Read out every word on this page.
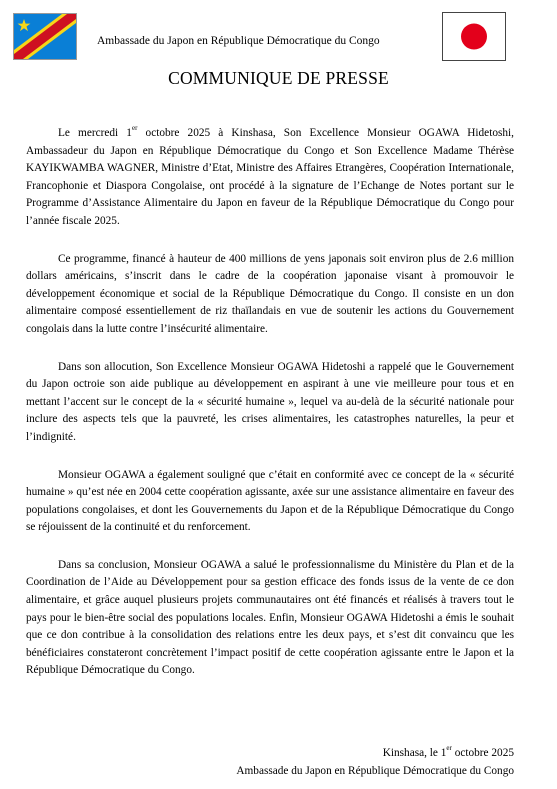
Ambassade du Japon en République Démocratique du Congo
COMMUNIQUE DE PRESSE

Le mercredi 1er octobre 2025 à Kinshasa, Son Excellence Monsieur OGAWA Hidetoshi, Ambassadeur du Japon en République Démocratique du Congo et Son Excellence Madame Thérèse KAYIKWAMBA WAGNER, Ministre d’Etat, Ministre des Affaires Etrangères, Coopération Internationale, Francophonie et Diaspora Congolaise, ont procédé à la signature de l’Echange de Notes portant sur le Programme d’Assistance Alimentaire du Japon en faveur de la République Démocratique du Congo pour l’année fiscale 2025.

Ce programme, financé à hauteur de 400 millions de yens japonais soit environ plus de 2.6 million dollars américains, s’inscrit dans le cadre de la coopération japonaise visant à promouvoir le développement économique et social de la République Démocratique du Congo. Il consiste en un don alimentaire composé essentiellement de riz thaïlandais en vue de soutenir les actions du Gouvernement congolais dans la lutte contre l’insécurité alimentaire.

Dans son allocution, Son Excellence Monsieur OGAWA Hidetoshi a rappelé que le Gouvernement du Japon octroie son aide publique au développement en aspirant à une vie meilleure pour tous et en mettant l’accent sur le concept de la « sécurité humaine », lequel va au-delà de la sécurité nationale pour inclure des aspects tels que la pauvreté, les crises alimentaires, les catastrophes naturelles, la peur et l’indignité.

Monsieur OGAWA a également souligné que c’était en conformité avec ce concept de la « sécurité humaine » qu’est née en 2004 cette coopération agissante, axée sur une assistance alimentaire en faveur des populations congolaises, et dont les Gouvernements du Japon et de la République Démocratique du Congo se réjouissent de la continuité et du renforcement.

Dans sa conclusion, Monsieur OGAWA a salué le professionnalisme du Ministère du Plan et de la Coordination de l’Aide au Développement pour sa gestion efficace des fonds issus de la vente de ce don alimentaire, et grâce auquel plusieurs projets communautaires ont été financés et réalisés à travers tout le pays pour le bien-être social des populations locales. Enfin, Monsieur OGAWA Hidetoshi a émis le souhait que ce don contribue à la consolidation des relations entre les deux pays, et s’est dit convaincu que les bénéficiaires constateront concrètement l’impact positif de cette coopération agissante entre le Japon et la République Démocratique du Congo.

Kinshasa, le 1er octobre 2025
Ambassade du Japon en République Démocratique du Congo
